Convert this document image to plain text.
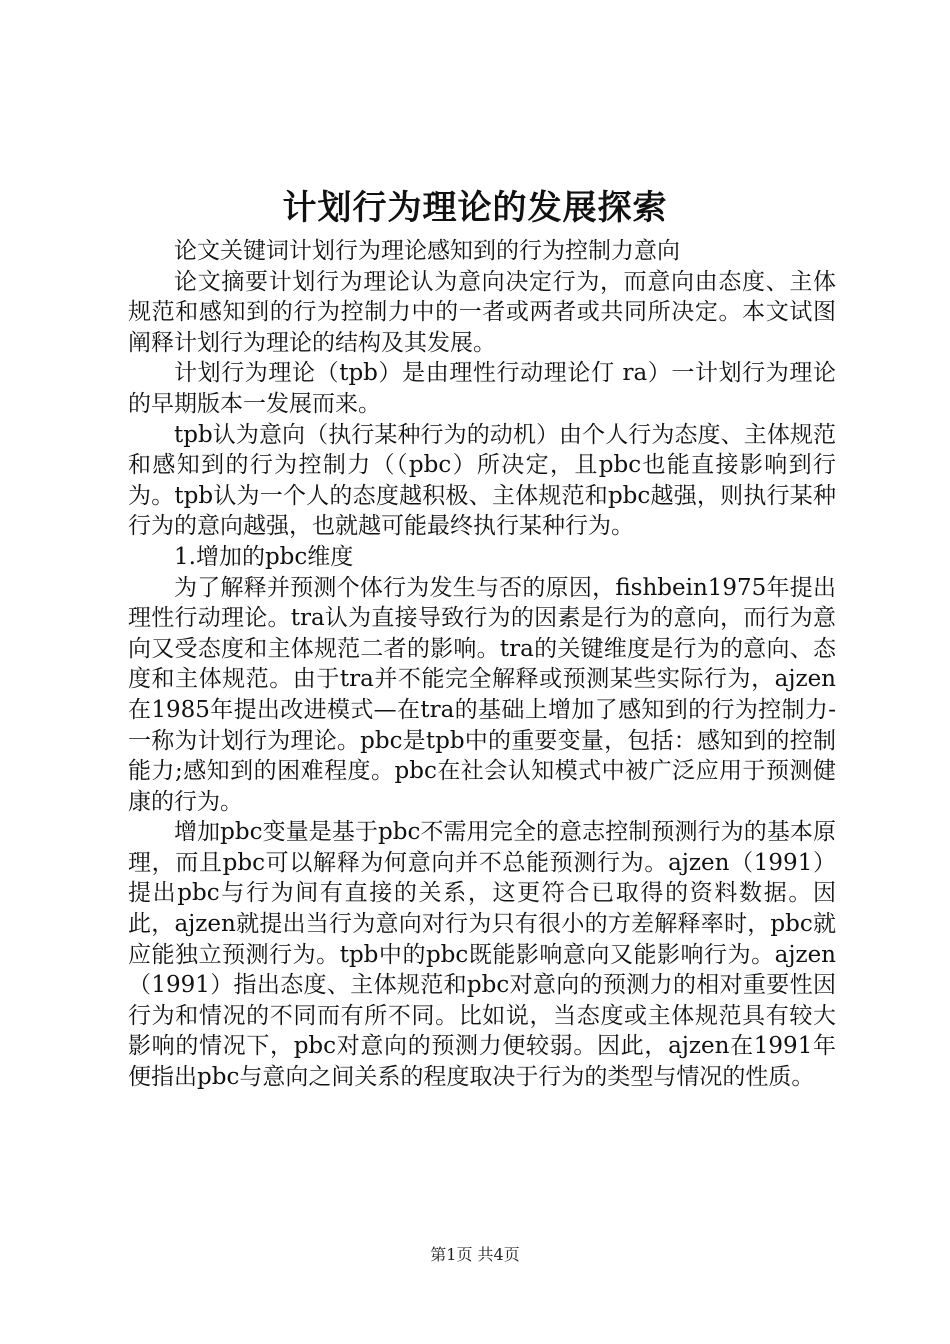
计划行为理论的发展探索

论文关键词计划行为理论感知到的行为控制力意向

论文摘要计划行为理论认为意向决定行为，而意向由态度、主体规范和感知到的行为控制力中的一者或两者或共同所决定。本文试图阐释计划行为理论的结构及其发展。

计划行为理论（tpb）是由理性行动理论仃 ra）一计划行为理论的早期版本一发展而来。

tpb认为意向（执行某种行为的动机）由个人行为态度、主体规范和感知到的行为控制力（（pbc）所决定，且pbc也能直接影响到行为。tpb认为一个人的态度越积极、主体规范和pbc越强，则执行某种行为的意向越强，也就越可能最终执行某种行为。

1.增加的pbc维度

为了解释并预测个体行为发生与否的原因，fishbein1975年提出理性行动理论。tra认为直接导致行为的因素是行为的意向，而行为意向又受态度和主体规范二者的影响。tra的关键维度是行为的意向、态度和主体规范。由于tra并不能完全解释或预测某些实际行为，ajzen在1985年提出改进模式—在tra的基础上增加了感知到的行为控制力-一称为计划行为理论。pbc是tpb中的重要变量，包括：感知到的控制能力;感知到的困难程度。pbc在社会认知模式中被广泛应用于预测健康的行为。

增加pbc变量是基于pbc不需用完全的意志控制预测行为的基本原理，而且pbc可以解释为何意向并不总能预测行为。ajzen（1991）提出pbc与行为间有直接的关系，这更符合已取得的资料数据。因此，ajzen就提出当行为意向对行为只有很小的方差解释率时，pbc就应能独立预测行为。tpb中的pbc既能影响意向又能影响行为。ajzen（1991）指出态度、主体规范和pbc对意向的预测力的相对重要性因行为和情况的不同而有所不同。比如说，当态度或主体规范具有较大影响的情况下，pbc对意向的预测力便较弱。因此，ajzen在1991年便指出pbc与意向之间关系的程度取决于行为的类型与情况的性质。

第1页 共4页
